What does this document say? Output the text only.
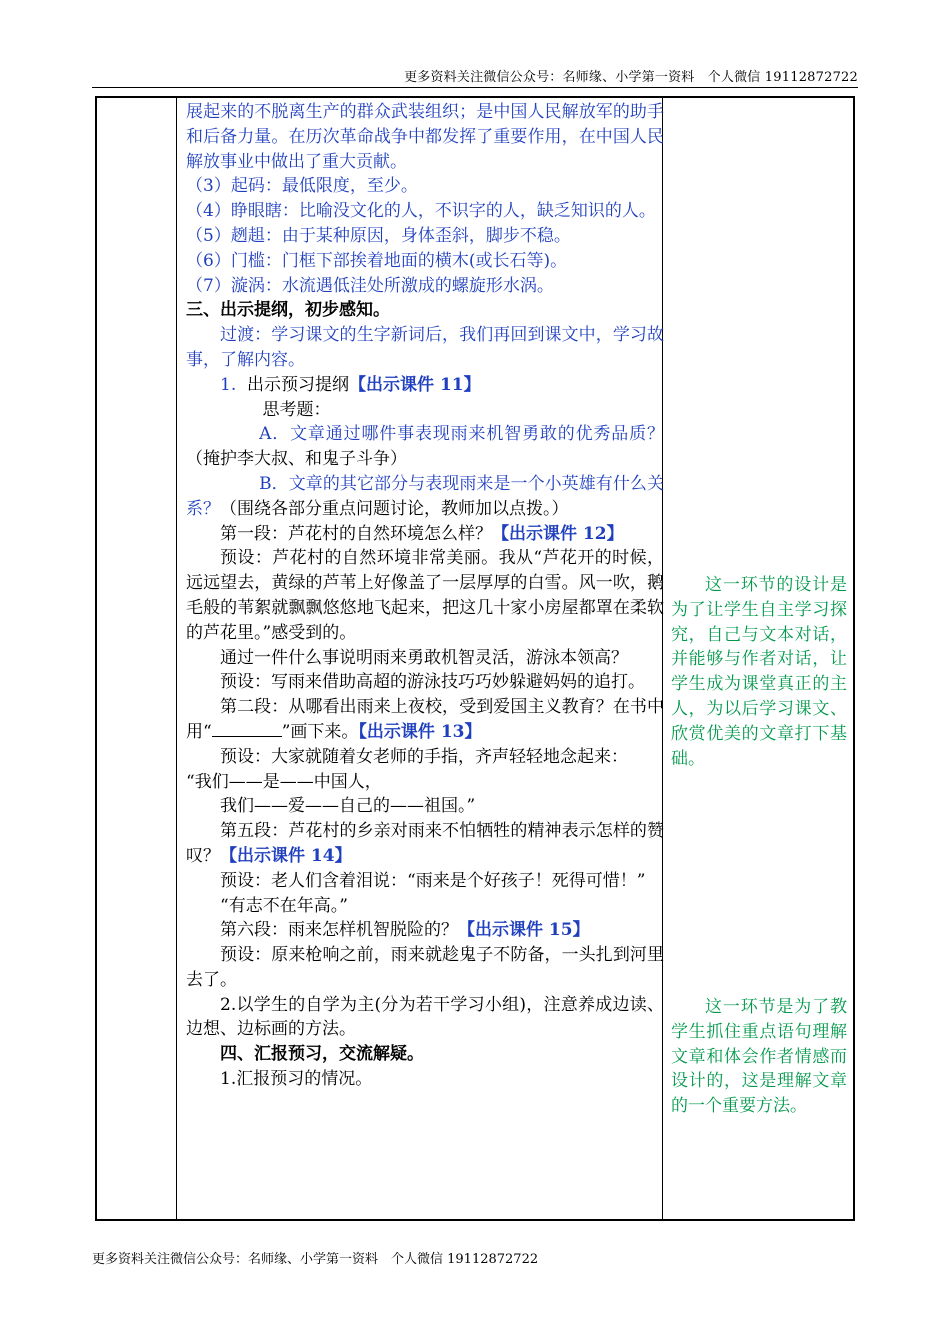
更多资料关注微信公众号：名师缘、小学第一资料　个人微信 19112872722

展起来的不脱离生产的群众武装组织；是中国人民解放军的助手和后备力量。在历次革命战争中都发挥了重要作用，在中国人民解放事业中做出了重大贡献。

（3）起码：最低限度，至少。

（4）睁眼瞎：比喻没文化的人，不识字的人，缺乏知识的人。

（5）趔趄：由于某种原因，身体歪斜，脚步不稳。

（6）门槛：门框下部挨着地面的横木(或长石等)。

（7）漩涡：水流遇低洼处所激成的螺旋形水涡。

三、出示提纲，初步感知。

过渡：学习课文的生字新词后，我们再回到课文中，学习故事，了解内容。

1. 出示预习提纲【出示课件 11】

思考题：

A．文章通过哪件事表现雨来机智勇敢的优秀品质？（掩护李大叔、和鬼子斗争）

B．文章的其它部分与表现雨来是一个小英雄有什么关系？（围绕各部分重点问题讨论，教师加以点拨。）

第一段：芦花村的自然环境怎么样？【出示课件 12】

预设：芦花村的自然环境非常美丽。我从“芦花开的时候，远远望去，黄绿的芦苇上好像盖了一层厚厚的白雪。风一吹，鹅毛般的苇絮就飘飘悠悠地飞起来，把这几十家小房屋都罩在柔软的芦花里。”感受到的。

通过一件什么事说明雨来勇敢机智灵活，游泳本领高？

预设：写雨来借助高超的游泳技巧巧妙躲避妈妈的追打。

第二段：从哪看出雨来上夜校，受到爱国主义教育？在书中用“	”画下来。【出示课件 13】

预设：大家就随着女老师的手指，齐声轻轻地念起来：

“我们——是——中国人，

我们——爱——自己的——祖国。”

第五段：芦花村的乡亲对雨来不怕牺牲的精神表示怎样的赞叹？【出示课件 14】

预设：老人们含着泪说：“雨来是个好孩子！死得可惜！”

“有志不在年高。”

第六段：雨来怎样机智脱险的？【出示课件 15】

预设：原来枪响之前，雨来就趁鬼子不防备，一头扎到河里去了。

2.以学生的自学为主(分为若干学习小组)，注意养成边读、边想、边标画的方法。

四、汇报预习，交流解疑。

1.汇报预习的情况。

这一环节的设计是为了让学生自主学习探究，自己与文本对话，并能够与作者对话，让学生成为课堂真正的主人，为以后学习课文、欣赏优美的文章打下基础。

这一环节是为了教学生抓住重点语句理解文章和体会作者情感而设计的，这是理解文章的一个重要方法。

更多资料关注微信公众号：名师缘、小学第一资料　个人微信 19112872722
